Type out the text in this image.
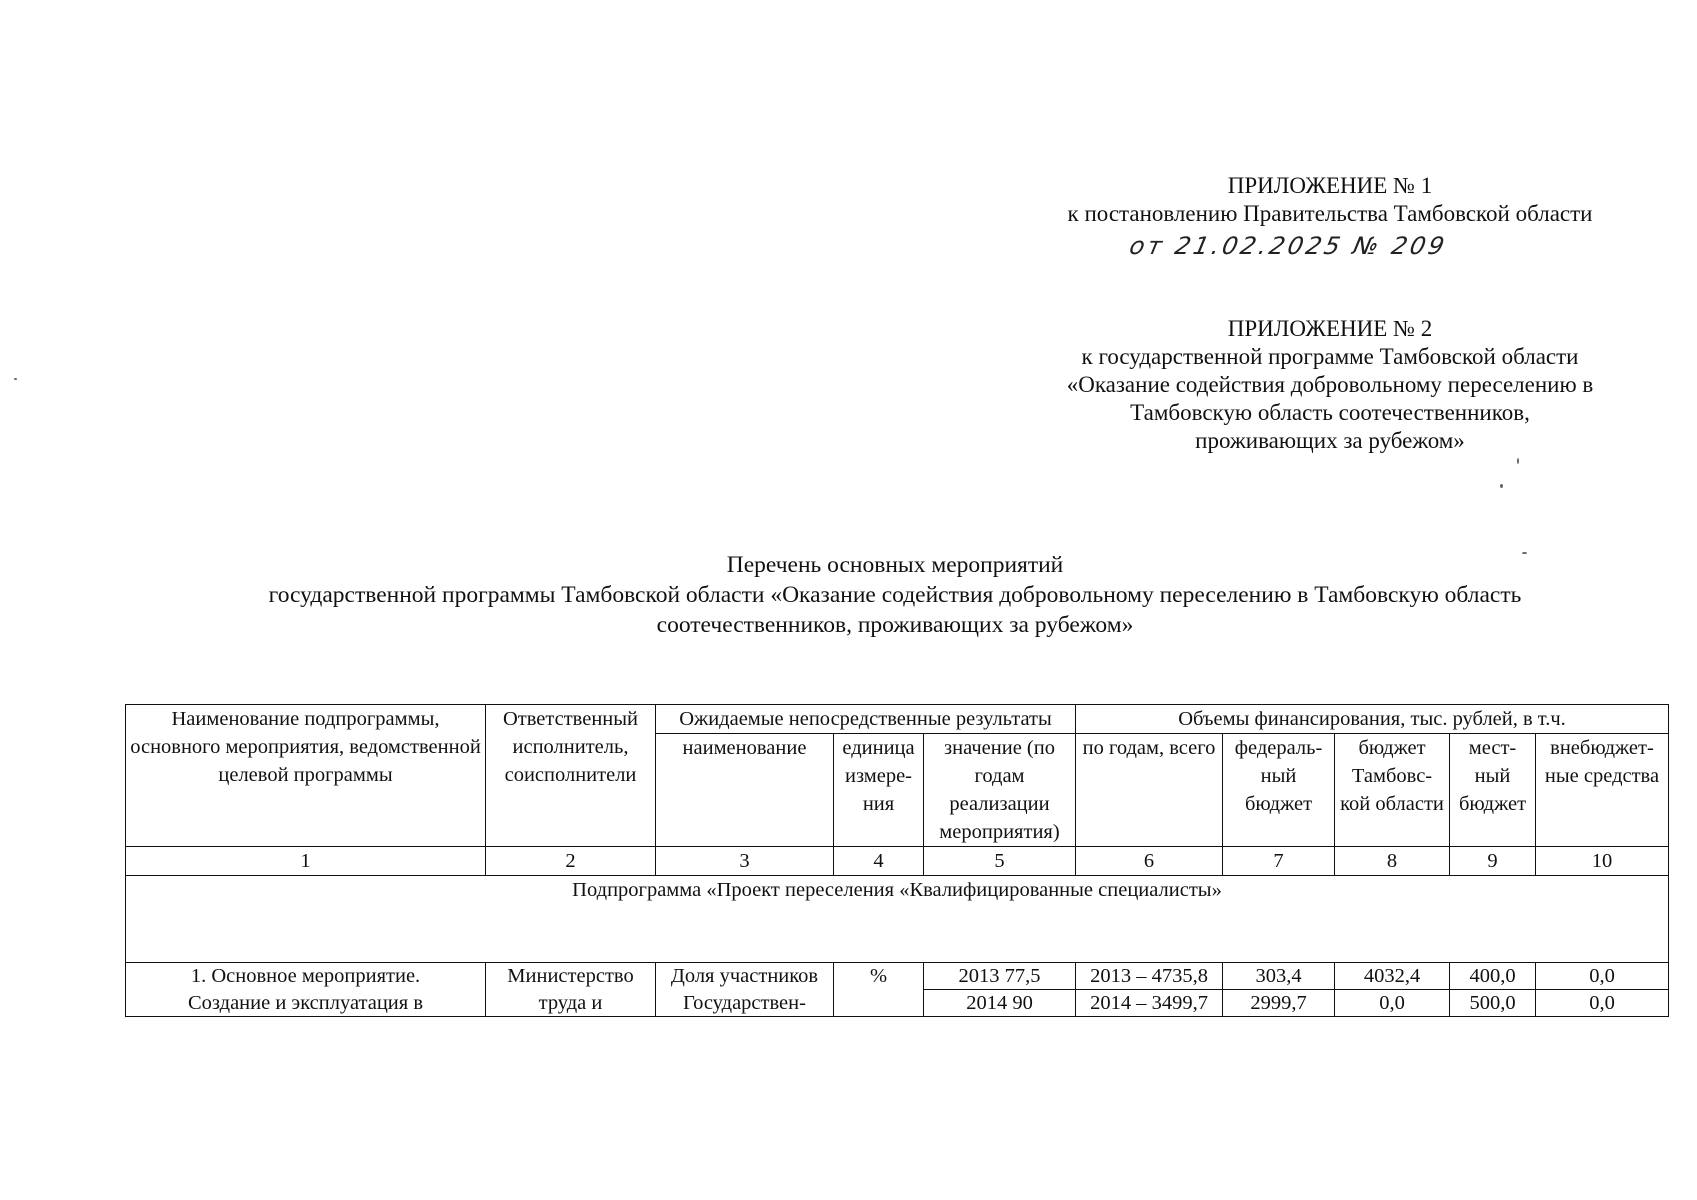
ПРИЛОЖЕНИЕ № 1
к постановлению Правительства Тамбовской области
от 21.02.2025 № 209
ПРИЛОЖЕНИЕ № 2
к государственной программе Тамбовской области
«Оказание содействия добровольному переселению в
Тамбовскую область соотечественников,
проживающих за рубежом»
Перечень основных мероприятий
государственной программы Тамбовской области «Оказание содействия добровольному переселению в Тамбовскую область
соотечественников, проживающих за рубежом»
Наименование подпрограммы, основного мероприятия, ведомственной целевой программы	Ответственный исполнитель, соисполнители	Ожидаемые непосредственные результаты			Объемы финансирования, тыс. рублей, в т.ч.				
		наименование	единица измере-ния	значение (по годам реализации мероприятия)	по годам, всего	федераль-ный бюджет	бюджет Тамбовс-кой области	мест-ный бюджет	внебюджет-ные средства
1	2	3	4	5	6	7	8	9	10
Подпрограмма «Проект переселения «Квалифицированные специалисты»									
1. Основное мероприятие.	Министерство	Доля участников	%	2013 77,5	2013 – 4735,8	303,4	4032,4	400,0	0,0
Создание и эксплуатация в	труда и	Государствен-		2014 90	2014 – 3499,7	2999,7	0,0	500,0	0,0
